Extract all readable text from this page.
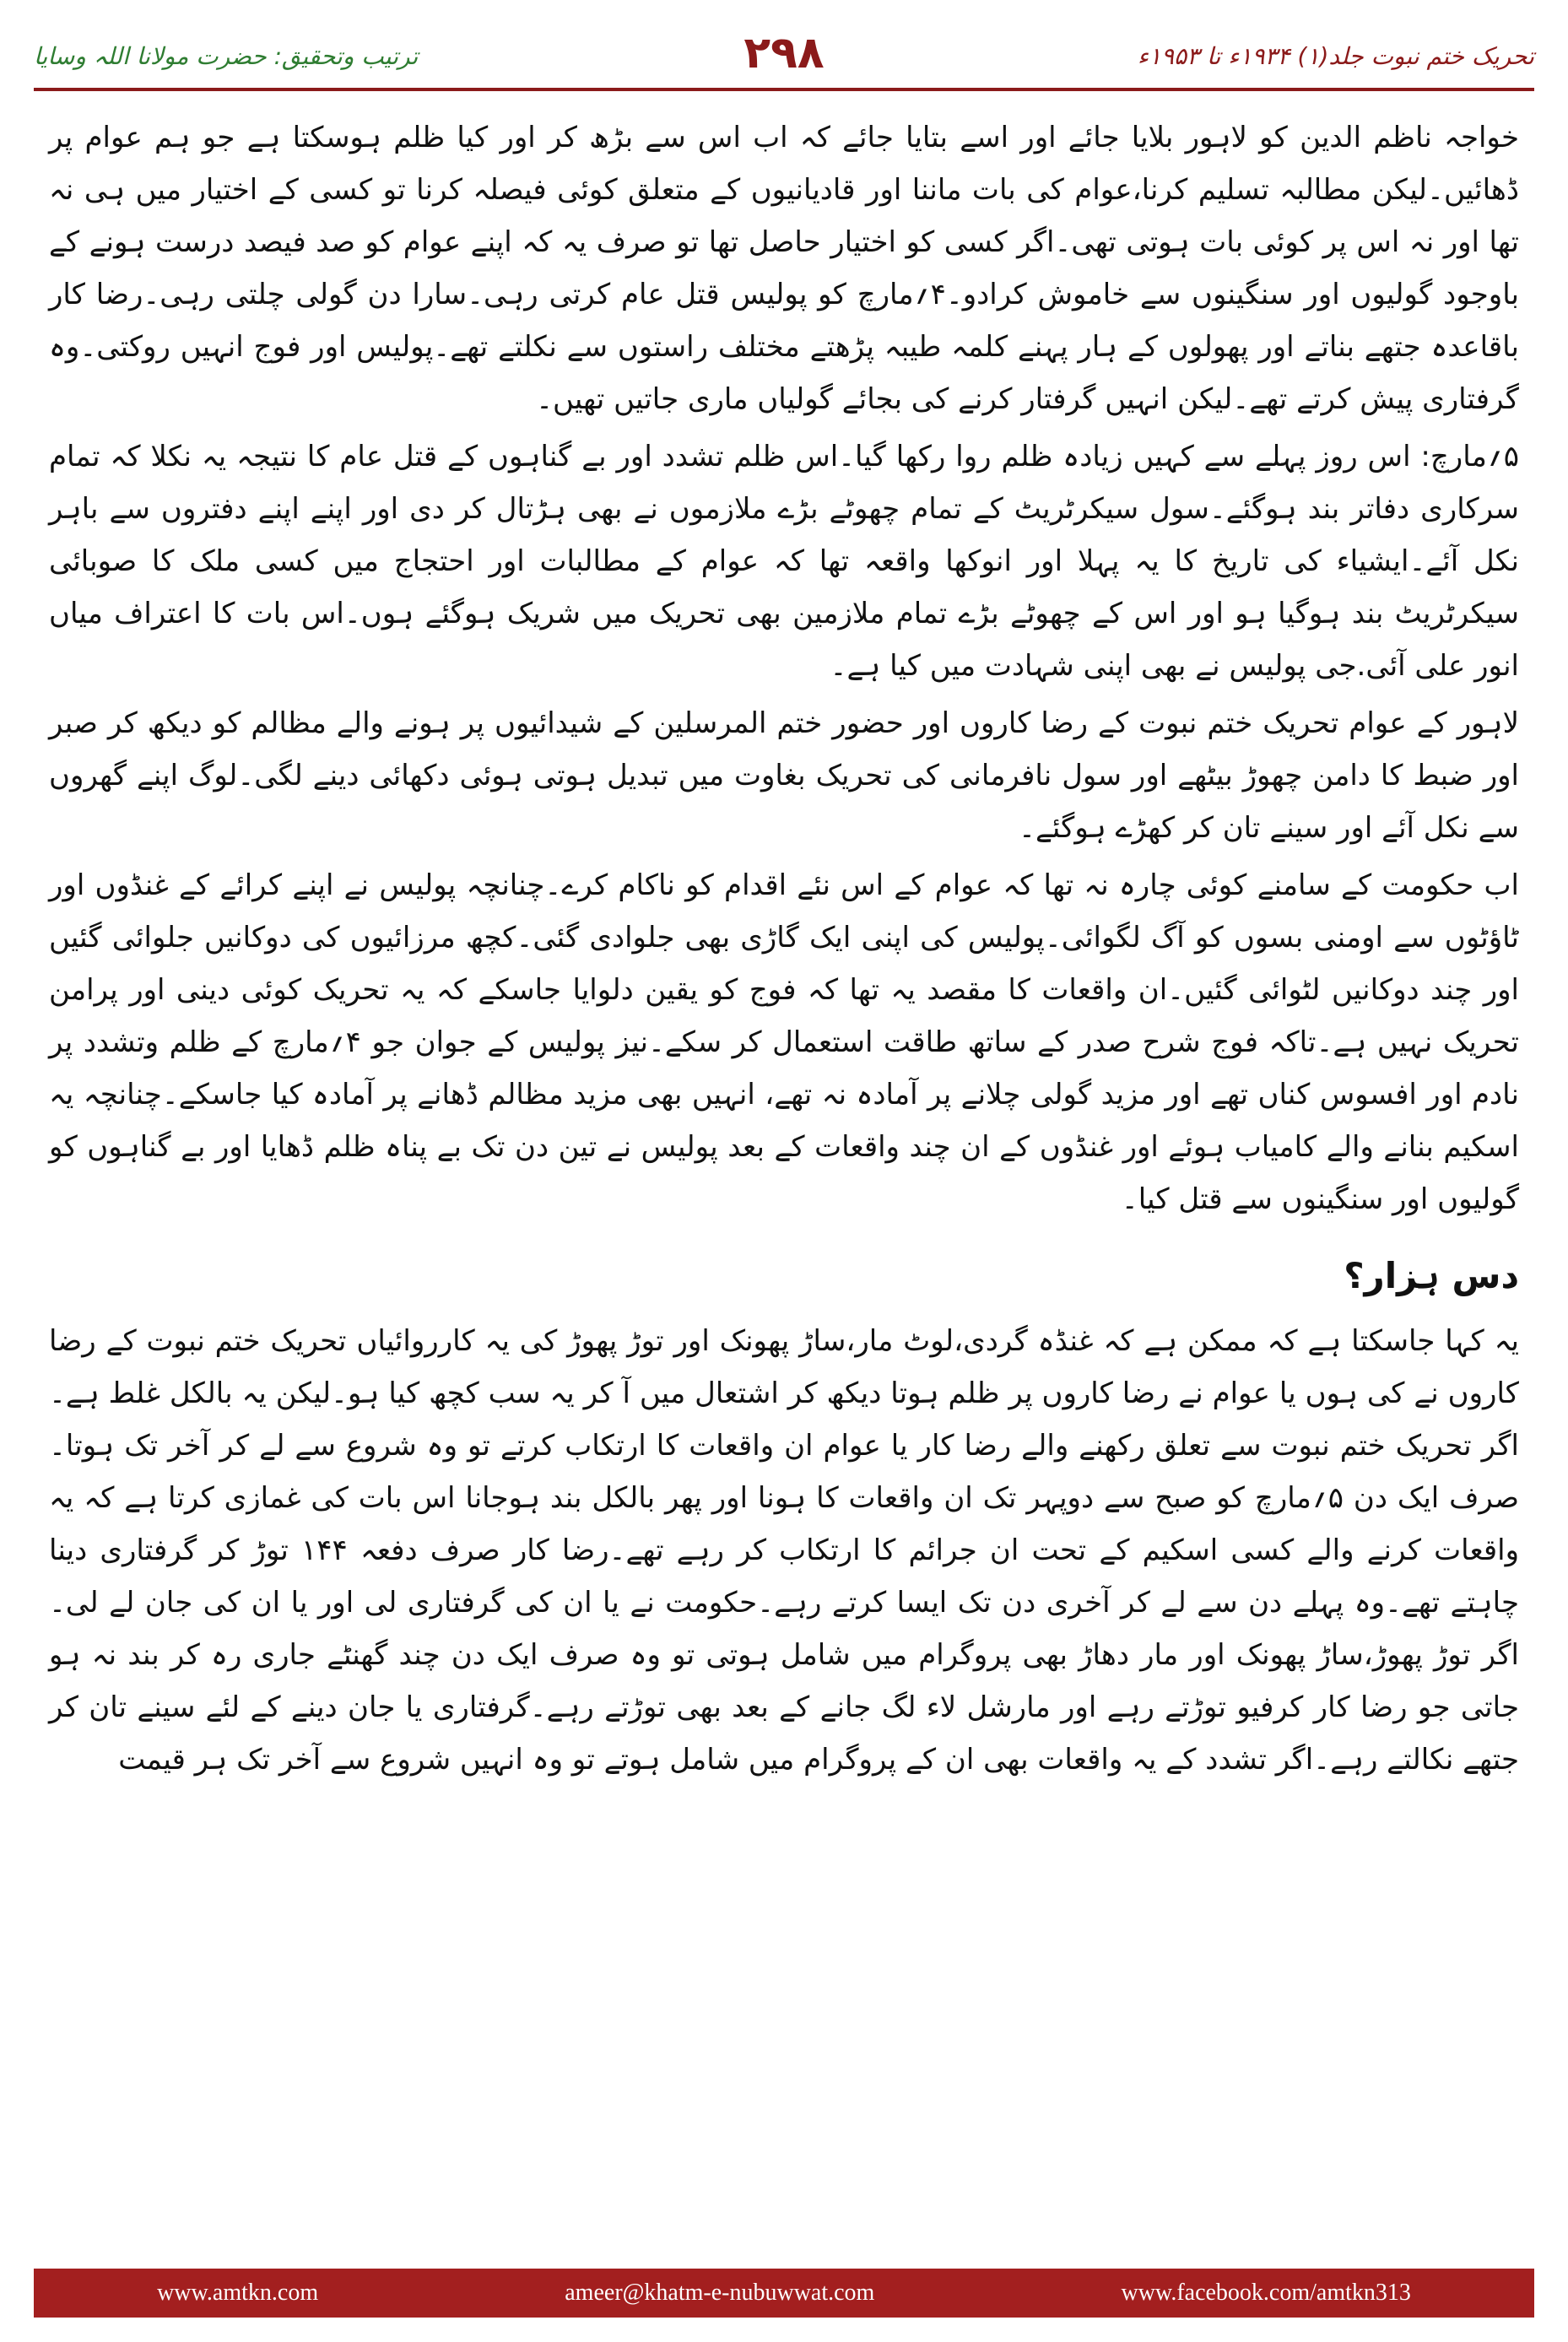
تحریک ختم نبوت جلد(۱) ۱۹۳۴ء تا ۱۹۵۳ء
۲۹۸
ترتیب وتحقیق: حضرت مولانا اللہ وسایا

خواجہ ناظم الدین کو لاہور بلایا جائے اور اسے بتایا جائے کہ اب اس سے بڑھ کر اور کیا ظلم ہوسکتا ہے جو ہم عوام پر ڈھائیں۔لیکن مطالبہ تسلیم کرنا،عوام کی بات ماننا اور قادیانیوں کے متعلق کوئی فیصلہ کرنا تو کسی کے اختیار میں ہی نہ تھا اور نہ اس پر کوئی بات ہوتی تھی۔اگر کسی کو اختیار حاصل تھا تو صرف یہ کہ اپنے عوام کو صد فیصد درست ہونے کے باوجود گولیوں اور سنگینوں سے خاموش کرادو۔۴؍مارچ کو پولیس قتل عام کرتی رہی۔سارا دن گولی چلتی رہی۔رضا کار باقاعدہ جتھے بناتے اور پھولوں کے ہار پہنے کلمہ طیبہ پڑھتے مختلف راستوں سے نکلتے تھے۔پولیس اور فوج انہیں روکتی۔وہ گرفتاری پیش کرتے تھے۔لیکن انہیں گرفتار کرنے کی بجائے گولیاں ماری جاتیں تھیں۔

۵؍مارچ: اس روز پہلے سے کہیں زیادہ ظلم روا رکھا گیا۔اس ظلم تشدد اور بے گناہوں کے قتل عام کا نتیجہ یہ نکلا کہ تمام سرکاری دفاتر بند ہوگئے۔سول سیکرٹریٹ کے تمام چھوٹے بڑے ملازموں نے بھی ہڑتال کر دی اور اپنے اپنے دفتروں سے باہر نکل آئے۔ایشیاء کی تاریخ کا یہ پہلا اور انوکھا واقعہ تھا کہ عوام کے مطالبات اور احتجاج میں کسی ملک کا صوبائی سیکرٹریٹ بند ہوگیا ہو اور اس کے چھوٹے بڑے تمام ملازمین بھی تحریک میں شریک ہوگئے ہوں۔اس بات کا اعتراف میاں انور علی آئی.جی پولیس نے بھی اپنی شہادت میں کیا ہے۔

لاہور کے عوام تحریک ختم نبوت کے رضا کاروں اور حضور ختم المرسلین کے شیدائیوں پر ہونے والے مظالم کو دیکھ کر صبر اور ضبط کا دامن چھوڑ بیٹھے اور سول نافرمانی کی تحریک بغاوت میں تبدیل ہوتی ہوئی دکھائی دینے لگی۔لوگ اپنے گھروں سے نکل آئے اور سینے تان کر کھڑے ہوگئے۔

اب حکومت کے سامنے کوئی چارہ نہ تھا کہ عوام کے اس نئے اقدام کو ناکام کرے۔چنانچہ پولیس نے اپنے کرائے کے غنڈوں اور ٹاؤٹوں سے اومنی بسوں کو آگ لگوائی۔پولیس کی اپنی ایک گاڑی بھی جلوادی گئی۔کچھ مرزائیوں کی دوکانیں جلوائی گئیں اور چند دوکانیں لٹوائی گئیں۔ان واقعات کا مقصد یہ تھا کہ فوج کو یقین دلوایا جاسکے کہ یہ تحریک کوئی دینی اور پرامن تحریک نہیں ہے۔تاکہ فوج شرح صدر کے ساتھ طاقت استعمال کر سکے۔نیز پولیس کے جوان جو ۴؍مارچ کے ظلم وتشدد پر نادم اور افسوس کناں تھے اور مزید گولی چلانے پر آمادہ نہ تھے، انہیں بھی مزید مظالم ڈھانے پر آمادہ کیا جاسکے۔چنانچہ یہ اسکیم بنانے والے کامیاب ہوئے اور غنڈوں کے ان چند واقعات کے بعد پولیس نے تین دن تک بے پناہ ظلم ڈھایا اور بے گناہوں کو گولیوں اور سنگینوں سے قتل کیا۔

دس ہزار؟

یہ کہا جاسکتا ہے کہ ممکن ہے کہ غنڈہ گردی،لوٹ مار،ساڑ پھونک اور توڑ پھوڑ کی یہ کارروائیاں تحریک ختم نبوت کے رضا کاروں نے کی ہوں یا عوام نے رضا کاروں پر ظلم ہوتا دیکھ کر اشتعال میں آ کر یہ سب کچھ کیا ہو۔لیکن یہ بالکل غلط ہے۔اگر تحریک ختم نبوت سے تعلق رکھنے والے رضا کار یا عوام ان واقعات کا ارتکاب کرتے تو وہ شروع سے لے کر آخر تک ہوتا۔صرف ایک دن ۵؍مارچ کو صبح سے دوپہر تک ان واقعات کا ہونا اور پھر بالکل بند ہوجانا اس بات کی غمازی کرتا ہے کہ یہ واقعات کرنے والے کسی اسکیم کے تحت ان جرائم کا ارتکاب کر رہے تھے۔رضا کار صرف دفعہ ۱۴۴ توڑ کر گرفتاری دینا چاہتے تھے۔وہ پہلے دن سے لے کر آخری دن تک ایسا کرتے رہے۔حکومت نے یا ان کی گرفتاری لی اور یا ان کی جان لے لی۔اگر توڑ پھوڑ،ساڑ پھونک اور مار دھاڑ بھی پروگرام میں شامل ہوتی تو وہ صرف ایک دن چند گھنٹے جاری رہ کر بند نہ ہو جاتی جو رضا کار کرفیو توڑتے رہے اور مارشل لاء لگ جانے کے بعد بھی توڑتے رہے۔گرفتاری یا جان دینے کے لئے سینے تان کر جتھے نکالتے رہے۔اگر تشدد کے یہ واقعات بھی ان کے پروگرام میں شامل ہوتے تو وہ انہیں شروع سے آخر تک ہر قیمت

www.amtkn.com	ameer@khatm-e-nubuwwat.com	www.facebook.com/amtkn313
